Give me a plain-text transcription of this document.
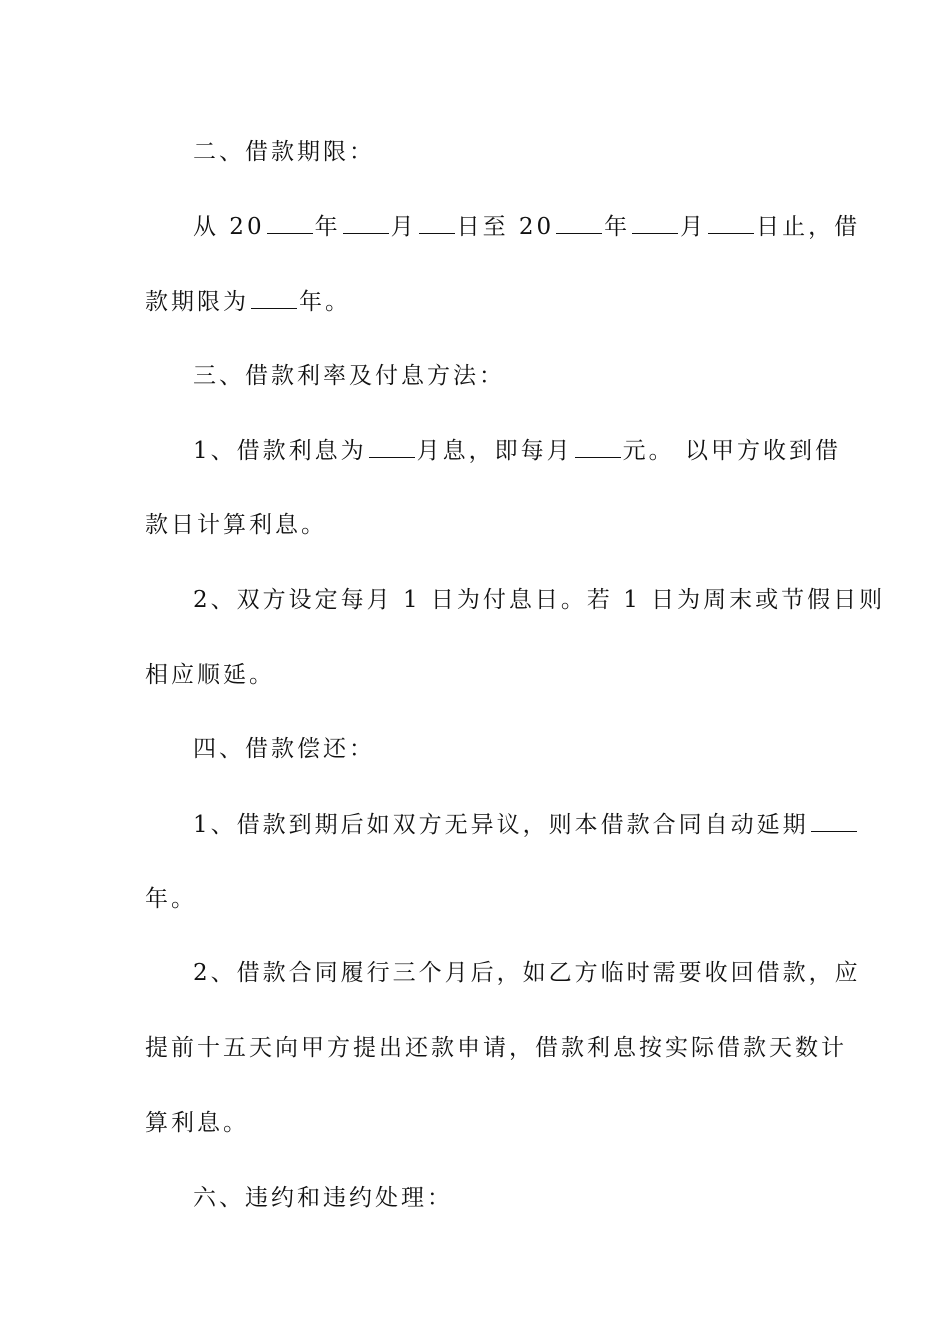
二、借款期限：
从 20 年 月 日至 20 年 月 日止，借
款期限为 年。
三、借款利率及付息方法：
1、借款利息为 月息，即每月 元。 以甲方收到借
款日计算利息。
2、双方设定每月 1 日为付息日。若 1 日为周末或节假日则
相应顺延。
四、借款偿还：
1、借款到期后如双方无异议，则本借款合同自动延期
年。
2、借款合同履行三个月后，如乙方临时需要收回借款，应
提前十五天向甲方提出还款申请，借款利息按实际借款天数计
算利息。
六、违约和违约处理：
